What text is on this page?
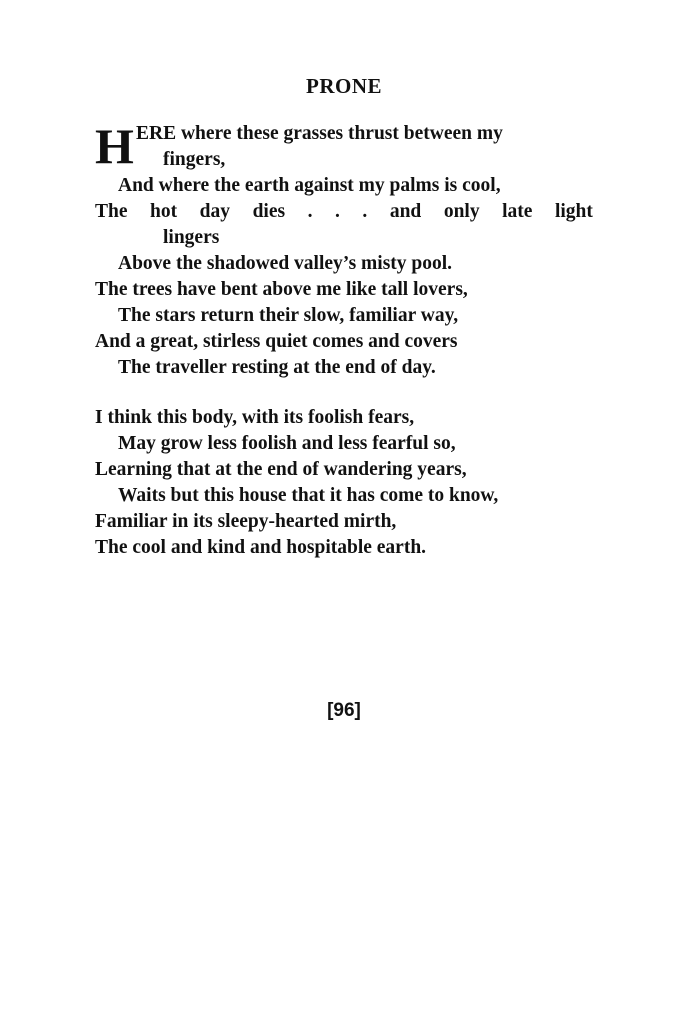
PRONE
H ERE where these grasses thrust between my
fingers,
And where the earth against my palms is cool,
The hot day dies . . . and only late light
lingers
Above the shadowed valley’s misty pool.
The trees have bent above me like tall lovers,
The stars return their slow, familiar way,
And a great, stirless quiet comes and covers
The traveller resting at the end of day.
I think this body, with its foolish fears,
May grow less foolish and less fearful so,
Learning that at the end of wandering years,
Waits but this house that it has come to know,
Familiar in its sleepy-hearted mirth,
The cool and kind and hospitable earth.
[96]
